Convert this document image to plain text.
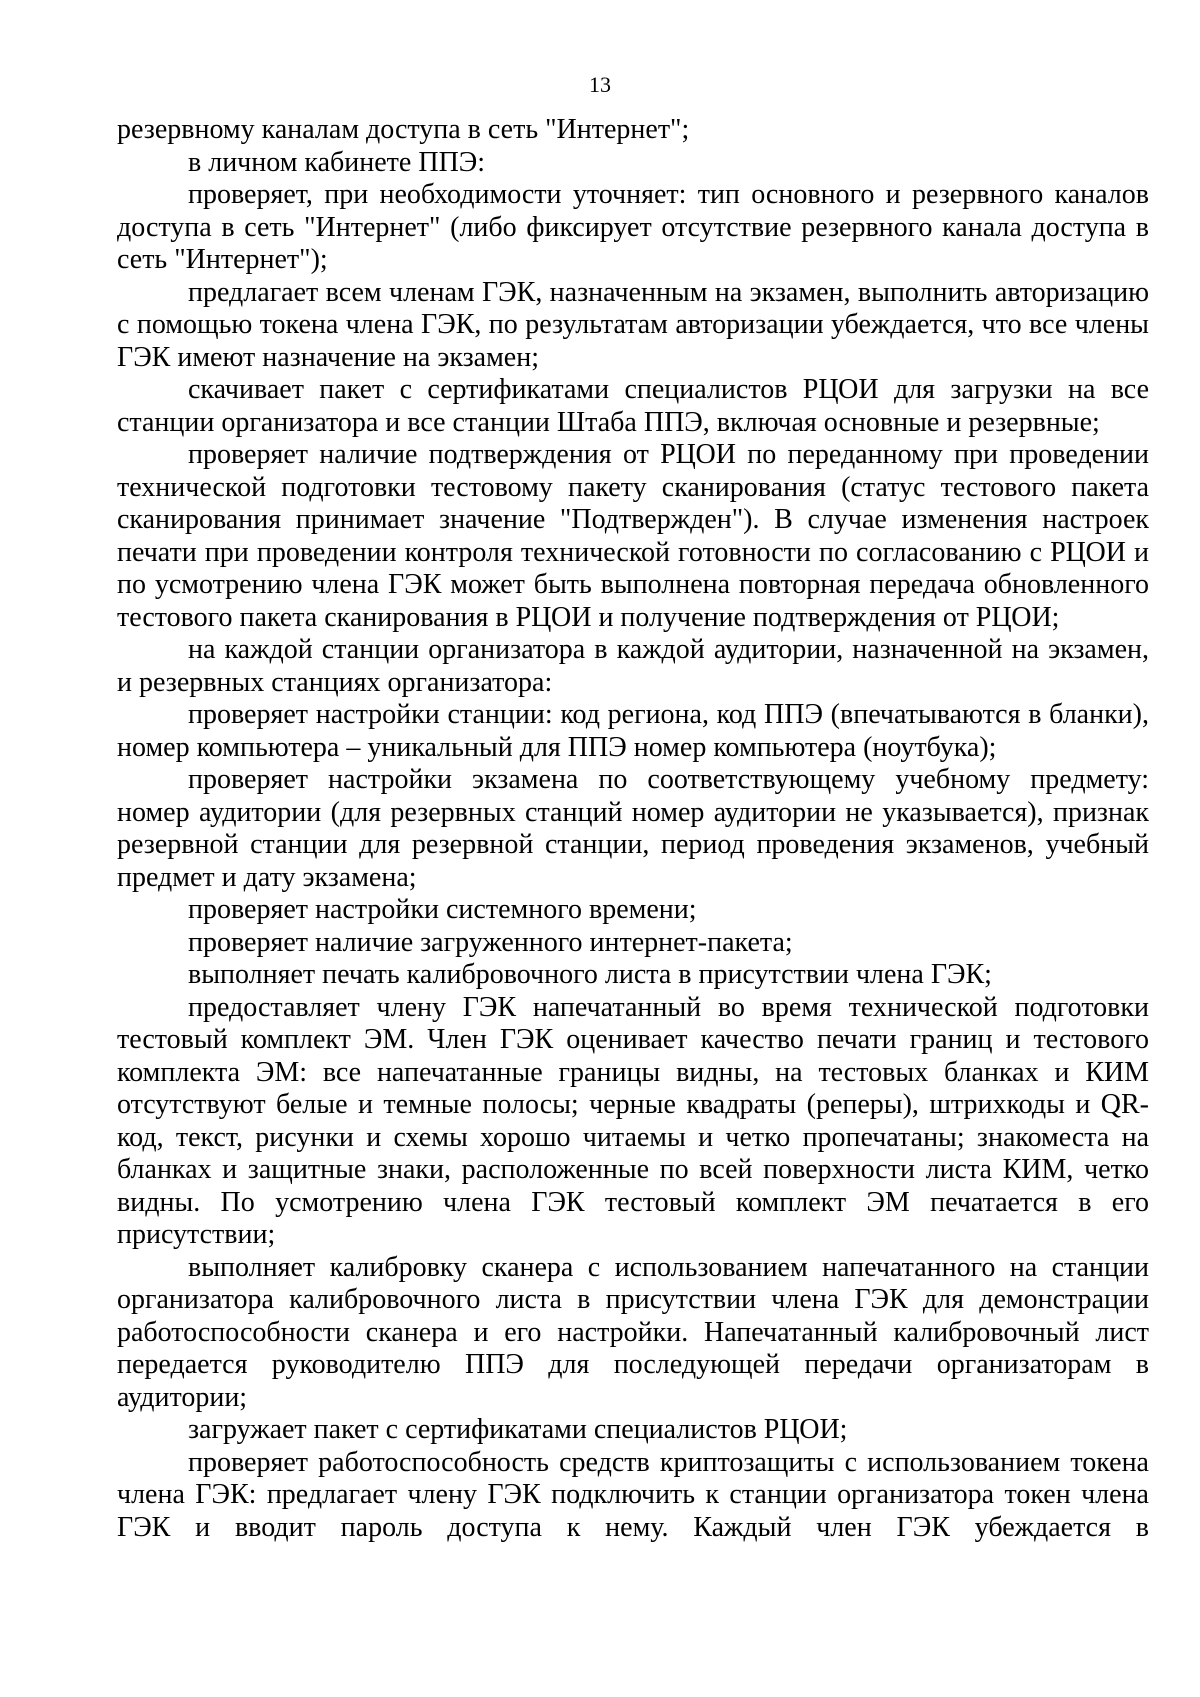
13

резервному каналам доступа в сеть "Интернет";

в личном кабинете ППЭ:

проверяет, при необходимости уточняет: тип основного и резервного каналов доступа в сеть "Интернет" (либо фиксирует отсутствие резервного канала доступа в сеть "Интернет");

предлагает всем членам ГЭК, назначенным на экзамен, выполнить авторизацию с помощью токена члена ГЭК, по результатам авторизации убеждается, что все члены ГЭК имеют назначение на экзамен;

скачивает пакет с сертификатами специалистов РЦОИ для загрузки на все станции организатора и все станции Штаба ППЭ, включая основные и резервные;

проверяет наличие подтверждения от РЦОИ по переданному при проведении технической подготовки тестовому пакету сканирования (статус тестового пакета сканирования принимает значение "Подтвержден"). В случае изменения настроек печати при проведении контроля технической готовности по согласованию с РЦОИ и по усмотрению члена ГЭК может быть выполнена повторная передача обновленного тестового пакета сканирования в РЦОИ и получение подтверждения от РЦОИ;

на каждой станции организатора в каждой аудитории, назначенной на экзамен, и резервных станциях организатора:

проверяет настройки станции: код региона, код ППЭ (впечатываются в бланки), номер компьютера – уникальный для ППЭ номер компьютера (ноутбука);

проверяет настройки экзамена по соответствующему учебному предмету: номер аудитории (для резервных станций номер аудитории не указывается), признак резервной станции для резервной станции, период проведения экзаменов, учебный предмет и дату экзамена;

проверяет настройки системного времени;

проверяет наличие загруженного интернет-пакета;

выполняет печать калибровочного листа в присутствии члена ГЭК;

предоставляет члену ГЭК напечатанный во время технической подготовки тестовый комплект ЭМ. Член ГЭК оценивает качество печати границ и тестового комплекта ЭМ: все напечатанные границы видны, на тестовых бланках и КИМ отсутствуют белые и темные полосы; черные квадраты (реперы), штрихкоды и QR-код, текст, рисунки и схемы хорошо читаемы и четко пропечатаны; знакоместа на бланках и защитные знаки, расположенные по всей поверхности листа КИМ, четко видны. По усмотрению члена ГЭК тестовый комплект ЭМ печатается в его присутствии;

выполняет калибровку сканера с использованием напечатанного на станции организатора калибровочного листа в присутствии члена ГЭК для демонстрации работоспособности сканера и его настройки. Напечатанный калибровочный лист передается руководителю ППЭ для последующей передачи организаторам в аудитории;

загружает пакет с сертификатами специалистов РЦОИ;

проверяет работоспособность средств криптозащиты с использованием токена члена ГЭК: предлагает члену ГЭК подключить к станции организатора токен члена ГЭК и вводит пароль доступа к нему. Каждый член ГЭК убеждается в
